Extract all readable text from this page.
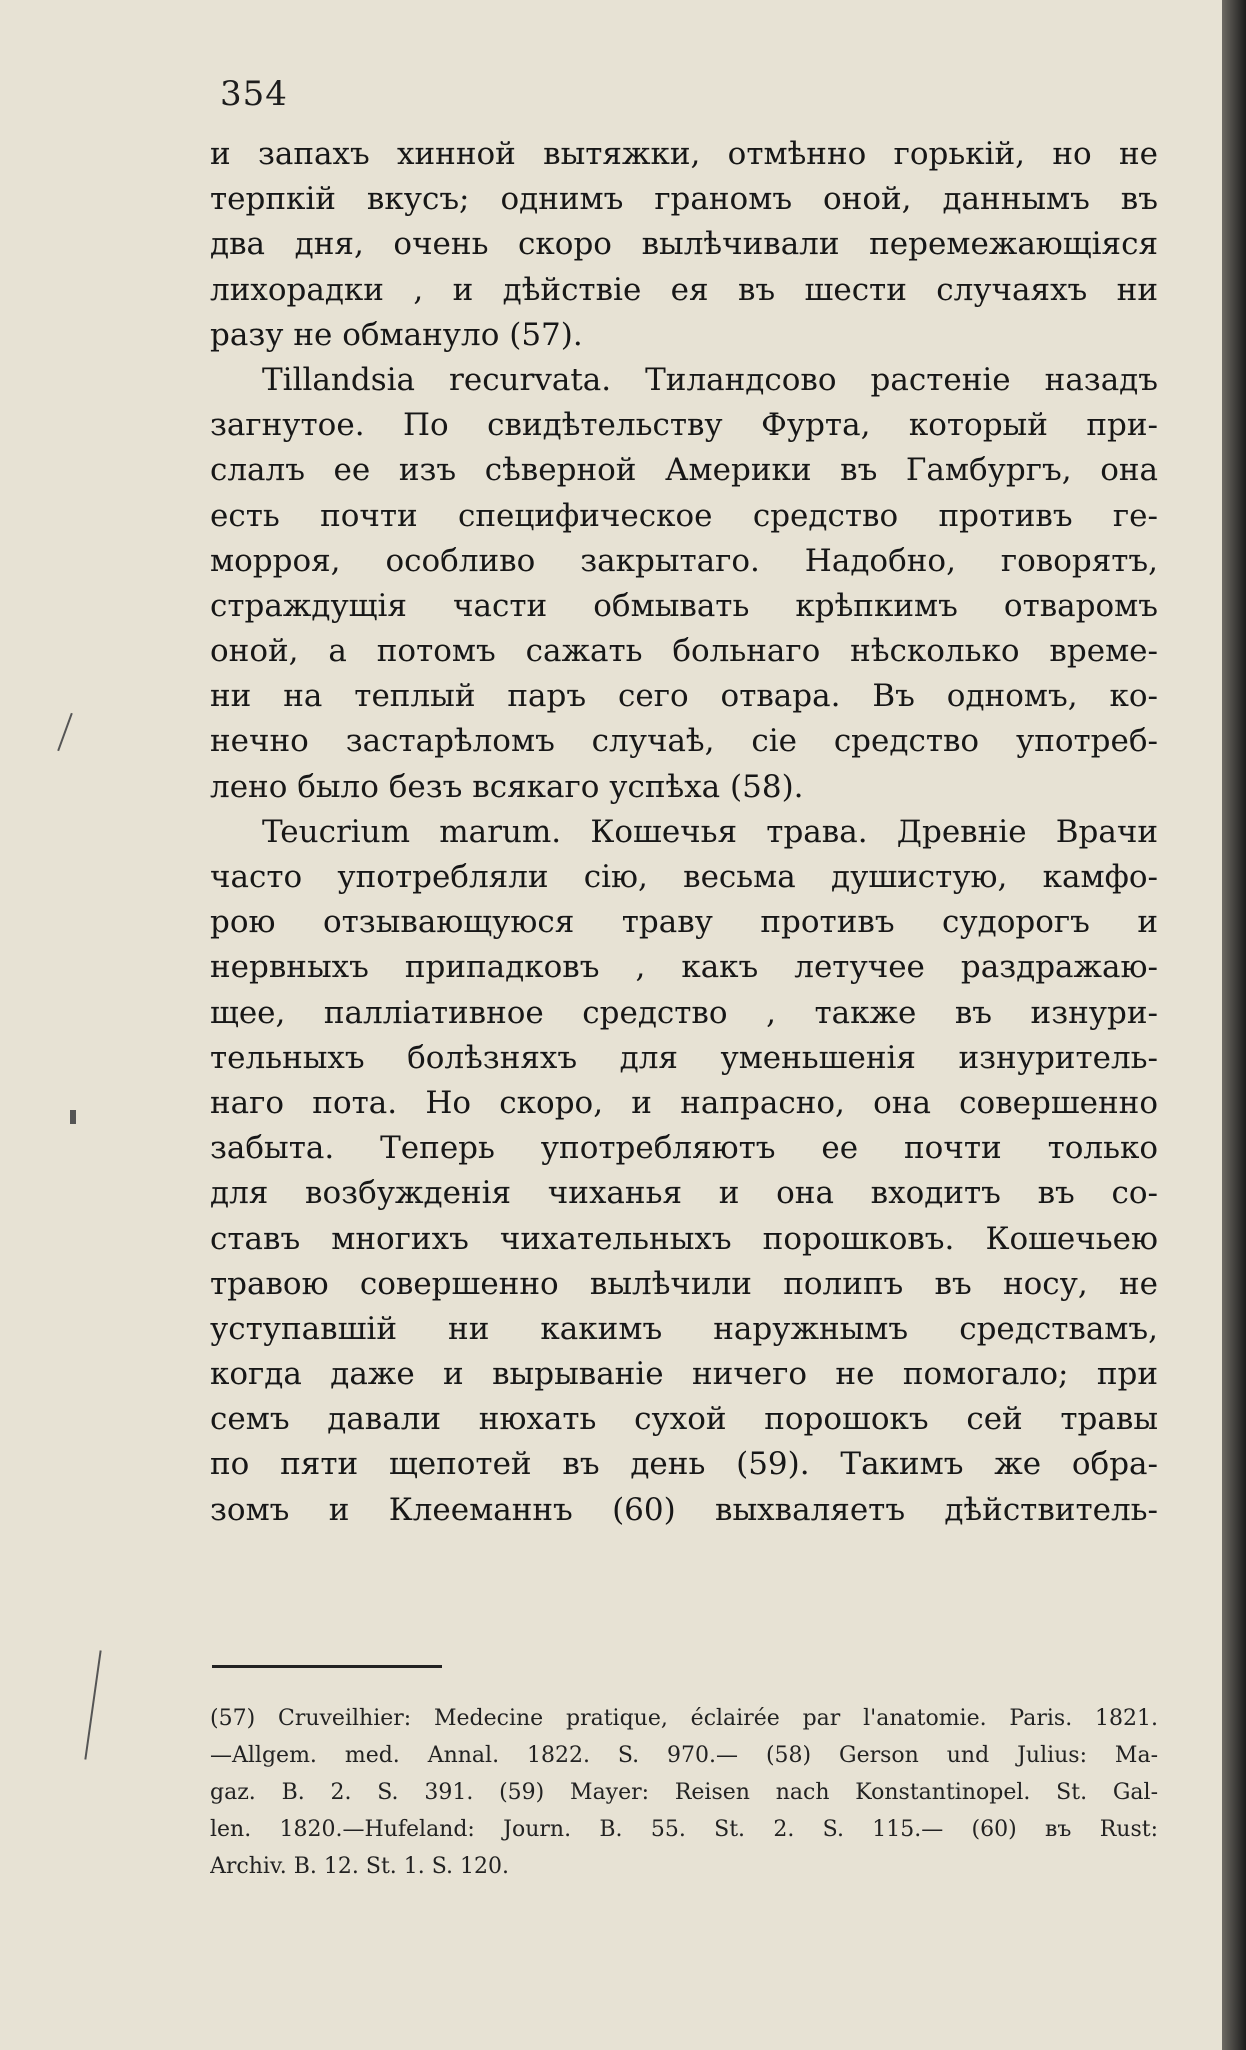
354
и запахъ хинной вытяжки, отмѣнно горькій, но не
терпкій вкусъ; однимъ граномъ оной, даннымъ въ
два дня, очень скоро вылѣчивали перемежающіяся
лихорадки , и дѣйствіе ея въ шести случаяхъ ни
разу не обмануло (57).
Tillandsia recurvata. Тиландсово растеніе назадъ
загнутое. По свидѣтельству Фурта, который при-
слалъ ее изъ сѣверной Америки въ Гамбургъ, она
есть почти специфическое средство противъ ге-
морроя, особливо закрытаго. Надобно, говорятъ,
страждущія части обмывать крѣпкимъ отваромъ
оной, а потомъ сажать больнаго нѣсколько време-
ни на теплый паръ сего отвара. Въ одномъ, ко-
нечно застарѣломъ случаѣ, сіе средство употреб-
лено было безъ всякаго успѣха (58).
Teucrium marum. Кошечья трава. Древніе Врачи
часто употребляли сію, весьма душистую, камфо-
рою отзывающуюся траву противъ судорогъ и
нервныхъ припадковъ , какъ летучее раздражаю-
щее, палліативное средство , также въ изнури-
тельныхъ болѣзняхъ для уменьшенія изнуритель-
наго пота. Но скоро, и напрасно, она совершенно
забыта. Теперь употребляютъ ее почти только
для возбужденія чиханья и она входитъ въ со-
ставъ многихъ чихательныхъ порошковъ. Кошечьею
травою совершенно вылѣчили полипъ въ носу, не
уступавшій ни какимъ наружнымъ средствамъ,
когда даже и вырываніе ничего не помогало; при
семъ давали нюхать сухой порошокъ сей травы
по пяти щепотей въ день (59). Такимъ же обра-
зомъ и Клееманнъ (60) выхваляетъ дѣйствитель-
(57) Cruveilhier: Medecine pratique, éclairée par l'anatomie. Paris. 1821.
—Allgem. med. Annal. 1822. S. 970.— (58) Gerson und Julius: Ma-
gaz. B. 2. S. 391. (59) Mayer: Reisen nach Konstantinopel. St. Gal-
len. 1820.—Hufeland: Journ. B. 55. St. 2. S. 115.— (60) въ Rust:
Archiv. B. 12. St. 1. S. 120.
